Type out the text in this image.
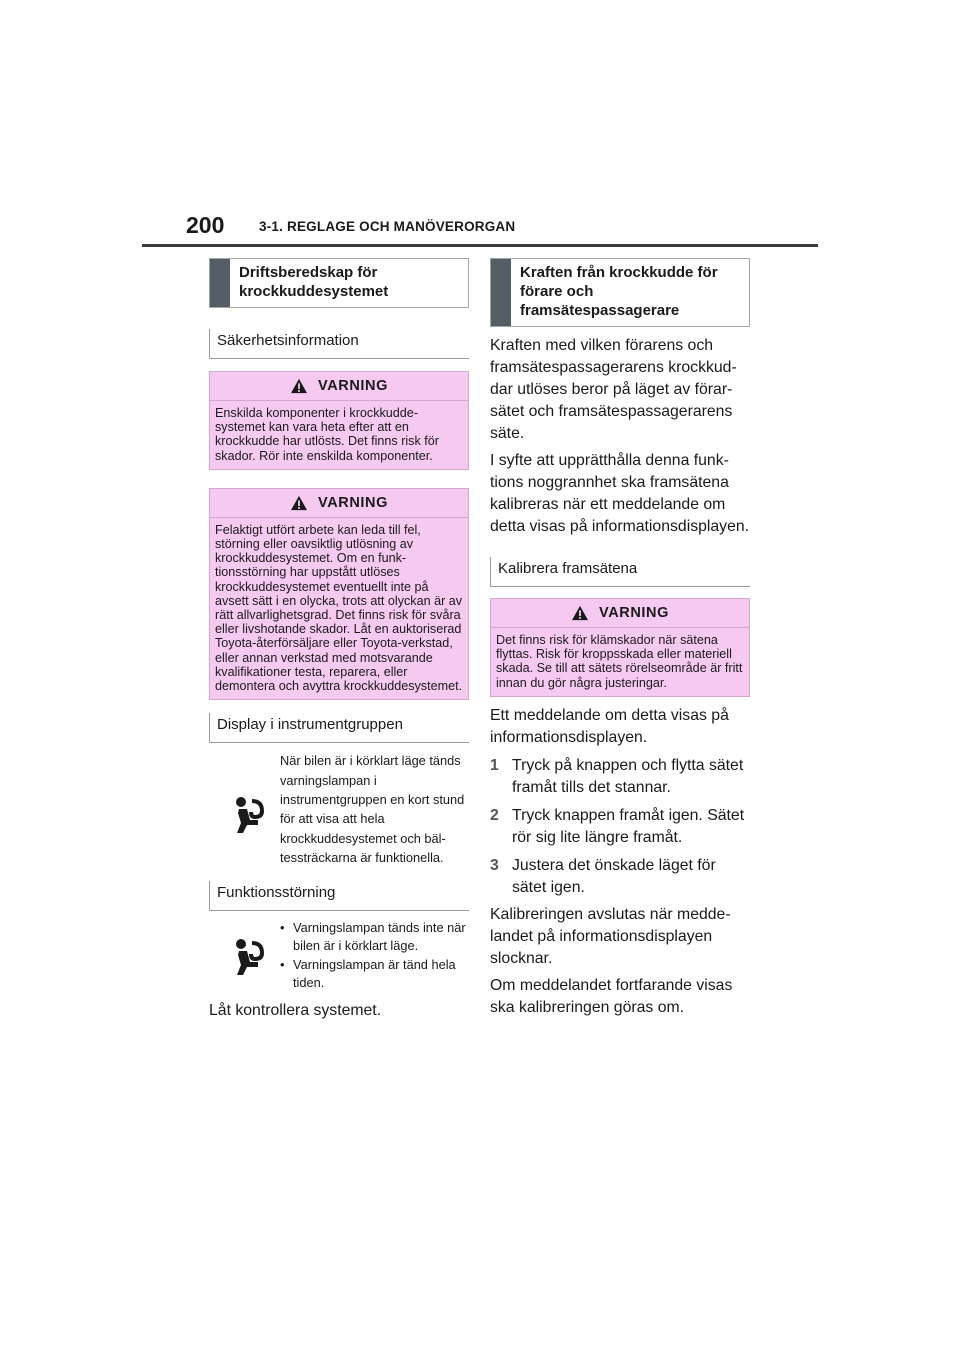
200	3-1. REGLAGE OCH MANÖVERORGAN
Driftsberedskap för krockkuddesystemet
Säkerhetsinformation
VARNING
Enskilda komponenter i krockkuddesystemet kan vara heta efter att en krockkudde har utlösts. Det finns risk för skador. Rör inte enskilda komponenter.
VARNING
Felaktigt utfört arbete kan leda till fel, störning eller oavsiktlig utlösning av krockkuddesystemet. Om en funktionsstörning har uppstått utlöses krockkuddesystemet eventuellt inte på avsett sätt i en olycka, trots att olyckan är av rätt allvarlighetsgrad. Det finns risk för svåra eller livshotande skador. Låt en auktoriserad Toyota-återförsäljare eller Toyota-verkstad, eller annan verkstad med motsvarande kvalifikationer testa, reparera, eller demontera och avyttra krockkuddesystemet.
Display i instrumentgruppen
När bilen är i körklart läge tänds varningslampan i instrumentgruppen en kort stund för att visa att hela krockkuddesystemet och bältessträckarna är funktionella.
Funktionsstörning
• Varningslampan tänds inte när bilen är i körklart läge.
• Varningslampan är tänd hela tiden.

Låt kontrollera systemet.

Kraften från krockkudde för förare och framsätespassagerare

Kraften med vilken förarens och framsätespassagerarens krockkuddar utlöses beror på läget av förarsätet och framsätespassagerarens säte.

I syfte att upprätthålla denna funktions noggrannhet ska framsätena kalibreras när ett meddelande om detta visas på informationsdisplayen.

Kalibrera framsätena
VARNING
Det finns risk för klämskador när sätena flyttas. Risk för kroppsskada eller materiell skada. Se till att sätets rörelseområde är fritt innan du gör några justeringar.

Ett meddelande om detta visas på informationsdisplayen.

1 Tryck på knappen och flytta sätet framåt tills det stannar.
2 Tryck knappen framåt igen. Sätet rör sig lite längre framåt.
3 Justera det önskade läget för sätet igen.

Kalibreringen avslutas när meddelandet på informationsdisplayen slocknar.

Om meddelandet fortfarande visas ska kalibreringen göras om.
